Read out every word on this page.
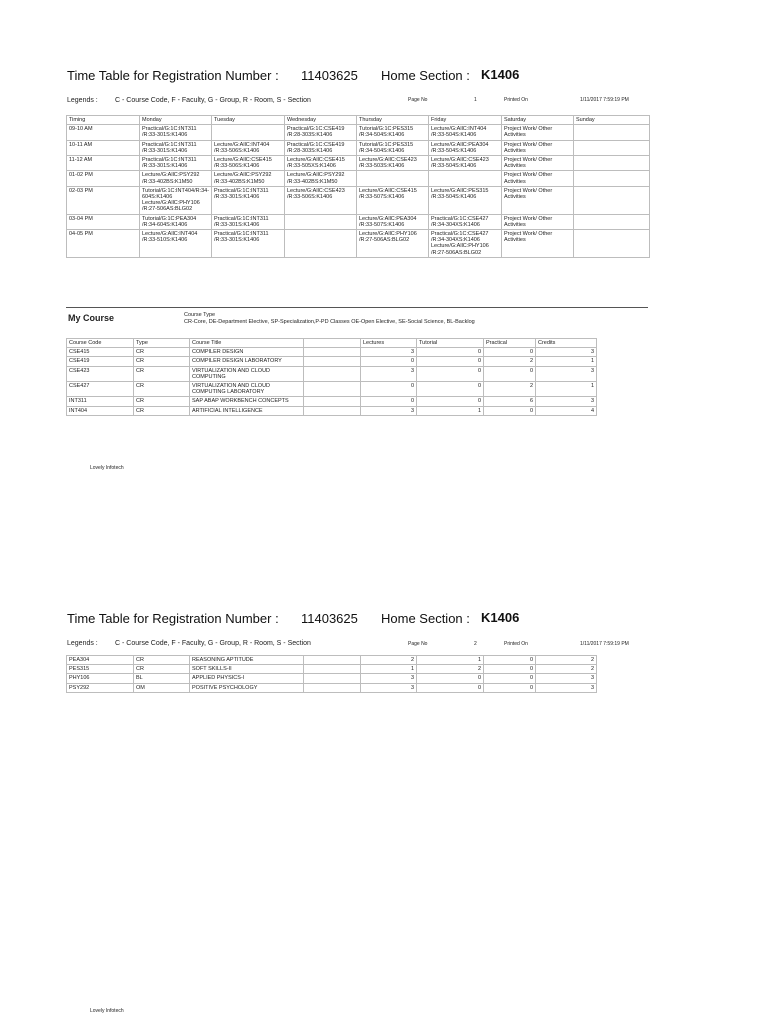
Time Table for Registration Number : 11403625 Home Section : K1406
Legends : C - Course Code, F - Faculty, G - Group, R - Room, S - Section	Page No	1	Printed On	1/11/2017 7:59:19 PM
Timing	Monday	Tuesday	Wednesday	Thursday	Friday	Saturday	Sunday
09-10 AM	Practical/G:1C:INT311 /R:33-301S:K1406		Practical/G:1C:CSE419 /R:28-303S:K1406	Tutorial/G:1C:PES315 /R:34-504S:K1406	Lecture/G:AllC:INT404 /R:33-504S:K1406	Project Work/ Other Activities	
10-11 AM	Practical/G:1C:INT311 /R:33-301S:K1406	Lecture/G:AllC:INT404 /R:33-506S:K1406	Practical/G:1C:CSE419 /R:28-303S:K1406	Tutorial/G:1C:PES315 /R:34-504S:K1406	Lecture/G:AllC:PEA304 /R:33-504S:K1406	Project Work/ Other Activities	
11-12 AM	Practical/G:1C:INT311 /R:33-301S:K1406	Lecture/G:AllC:CSE415 /R:33-506S:K1406	Lecture/G:AllC:CSE415 /R:33-505XS:K1406	Lecture/G:AllC:CSE423 /R:33-503S:K1406	Lecture/G:AllC:CSE423 /R:33-504S:K1406	Project Work/ Other Activities	
01-02 PM	Lecture/G:AllC:PSY292 /R:33-402BS:K1M50	Lecture/G:AllC:PSY292 /R:33-402BS:K1M50	Lecture/G:AllC:PSY292 /R:33-402BS:K1M50			Project Work/ Other Activities	
02-03 PM	Tutorial/G:1C:INT404/R:34-604S:K1406 Lecture/G:AllC:PHY106 /R:27-506AS:BLG02	Practical/G:1C:INT311 /R:33-301S:K1406	Lecture/G:AllC:CSE423 /R:33-506S:K1406	Lecture/G:AllC:CSE415 /R:33-507S:K1406	Lecture/G:AllC:PES315 /R:33-504S:K1406	Project Work/ Other Activities	
03-04 PM	Tutorial/G:1C:PEA304 /R:34-604S:K1406	Practical/G:1C:INT311 /R:33-301S:K1406		Lecture/G:AllC:PEA304 /R:33-507S:K1406	Practical/G:1C:CSE427 /R:34-304XS:K1406	Project Work/ Other Activities	
04-05 PM	Lecture/G:AllC:INT404 /R:33-510S:K1406	Practical/G:1C:INT311 /R:33-301S:K1406		Lecture/G:AllC:PHY106 /R:27-506AS:BLG02	Practical/G:1C:CSE427 /R:34-304XS:K1406 Lecture/G:AllC:PHY106 /R:27-506AS:BLG02	Project Work/ Other Activities	
My Course	Course Type
CR-Core, DE-Department Elective, SP-Specialization,P-PD Classes OE-Open Elective, SE-Social Science, BL-Backlog
Course Code	Type	Course Title		Lectures	Tutorial	Practical	Credits
CSE415	CR	COMPILER DESIGN		3	0	0	3
CSE419	CR	COMPILER DESIGN LABORATORY		0	0	2	1
CSE423	CR	VIRTUALIZATION AND CLOUD COMPUTING		3	0	0	3
CSE427	CR	VIRTUALIZATION AND CLOUD COMPUTING LABORATORY		0	0	2	1
INT311	CR	SAP ABAP WORKBENCH CONCEPTS		0	0	6	3
INT404	CR	ARTIFICIAL INTELLIGENCE		3	1	0	4
Lovely Infotech
Time Table for Registration Number : 11403625 Home Section : K1406
Legends : C - Course Code, F - Faculty, G - Group, R - Room, S - Section	Page No	2	Printed On	1/11/2017 7:59:19 PM
PEA304	CR	REASONING APTITUDE		2	1	0	2
PES315	CR	SOFT SKILLS-II		1	2	0	2
PHY106	BL	APPLIED PHYSICS-I		3	0	0	3
PSY292	OM	POSITIVE PSYCHOLOGY		3	0	0	3
Lovely Infotech
